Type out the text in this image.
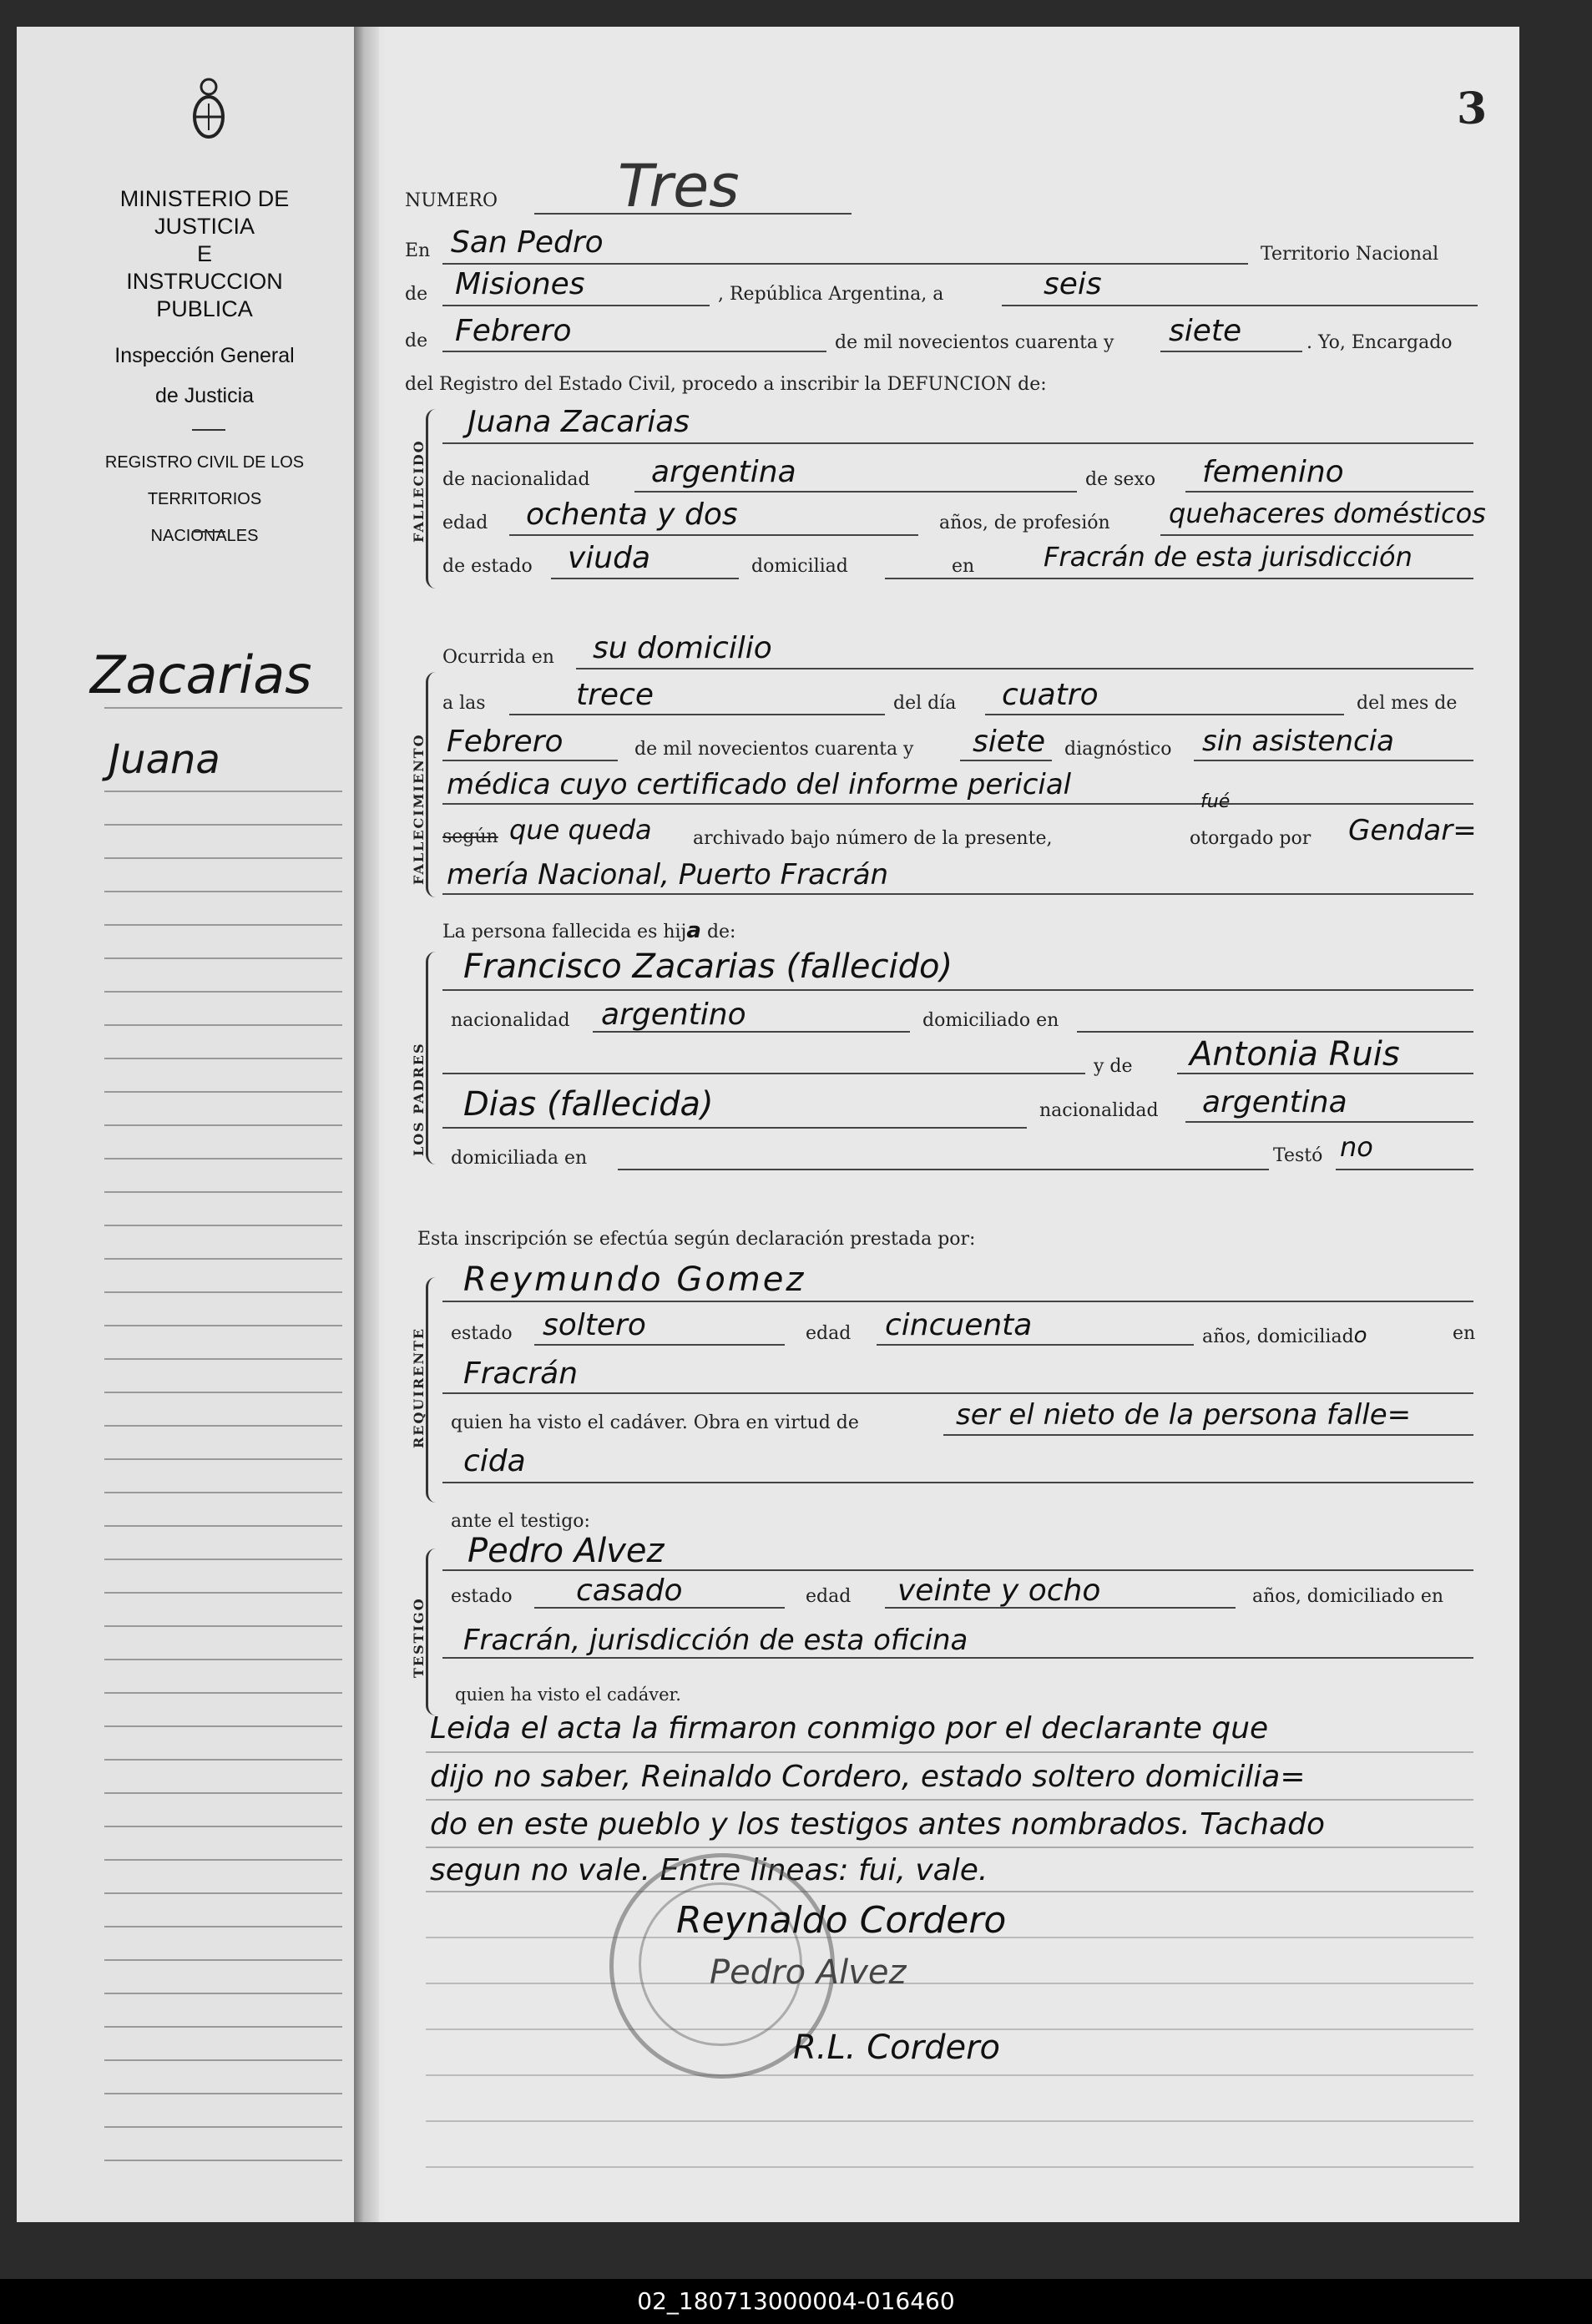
MINISTERIO DE JUSTICIA
E
INSTRUCCION PUBLICA
Inspección General
de Justicia
REGISTRO CIVIL DE LOS
TERRITORIOS NACIONALES
Zacarias
Juana
3
NUMERO Tres
En San Pedro	Territorio Nacional
de Misiones	, República Argentina, a	seis
de Febrero	de mil novecientos cuarenta y siete	. Yo, Encargado
del Registro del Estado Civil, procedo a inscribir la DEFUNCION de:
FALLECIDO
Juana Zacarias
de nacionalidad argentina	de sexo femenino
edad ochenta y dos	años, de profesión quehaceres domésticos
de estado viuda	domiciliad	en	Fracrán de esta jurisdicción
FALLECIMIENTO
Ocurrida en su domicilio
a las	trece	del día cuatro	del mes de
Febrero	de mil novecientos cuarenta y siete diagnóstico sin asistencia
médica cuyo certificado del informe pericial
según que queda archivado bajo número de la presente,
fué
otorgado por Gendar=
mería Nacional, Puerto Fracrán
La persona fallecida es hija de:
LOS PADRES
Francisco Zacarias (fallecido)
nacionalidad argentino	domiciliado en
y de Antonia Ruis
Dias (fallecida)	nacionalidad argentina
domiciliada en	Testó no
Esta inscripción se efectúa según declaración prestada por:
REQUIRENTE
Reymundo Gomez
estado soltero	edad cincuenta	años, domiciliado	en
Fracrán
quien ha visto el cadáver. Obra en virtud de	ser el nieto de la persona falle=
cida
ante el testigo:
TESTIGO
Pedro Alvez
estado casado	edad veinte y ocho	años, domiciliado en
Fracrán, jurisdicción de esta oficina
quien ha visto el cadáver.
Leida el acta la firmaron conmigo por el declarante que
dijo no saber, Reinaldo Cordero, estado soltero domicilia=
do en este pueblo y los testigos antes nombrados. Tachado
segun no vale. Entre lineas: fui, vale.
Reynaldo Cordero
Pedro Alvez
R.L. Cordero
02_180713000004-016460
